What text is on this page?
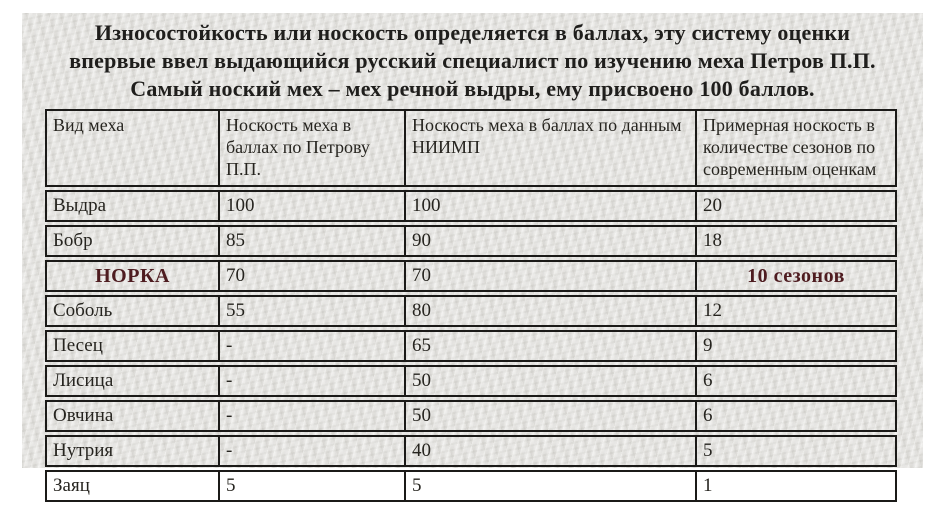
Износостойкость или носкость определяется в баллах, эту систему оценки
впервые ввел выдающийся русский специалист по изучению меха Петров П.П.
Самый ноский мех – мех речной выдры, ему присвоено 100 баллов.
Вид меха	Носкость меха в баллах по Петрову П.П.	Носкость меха в баллах по данным НИИМП	Примерная носкость в количестве сезонов по современным оценкам
Выдра	100	100	20
Бобр	85	90	18
НОРКА	70	70	10 сезонов
Соболь	55	80	12
Песец	-	65	9
Лисица	-	50	6
Овчина	-	50	6
Нутрия	-	40	5
Заяц	5	5	1
